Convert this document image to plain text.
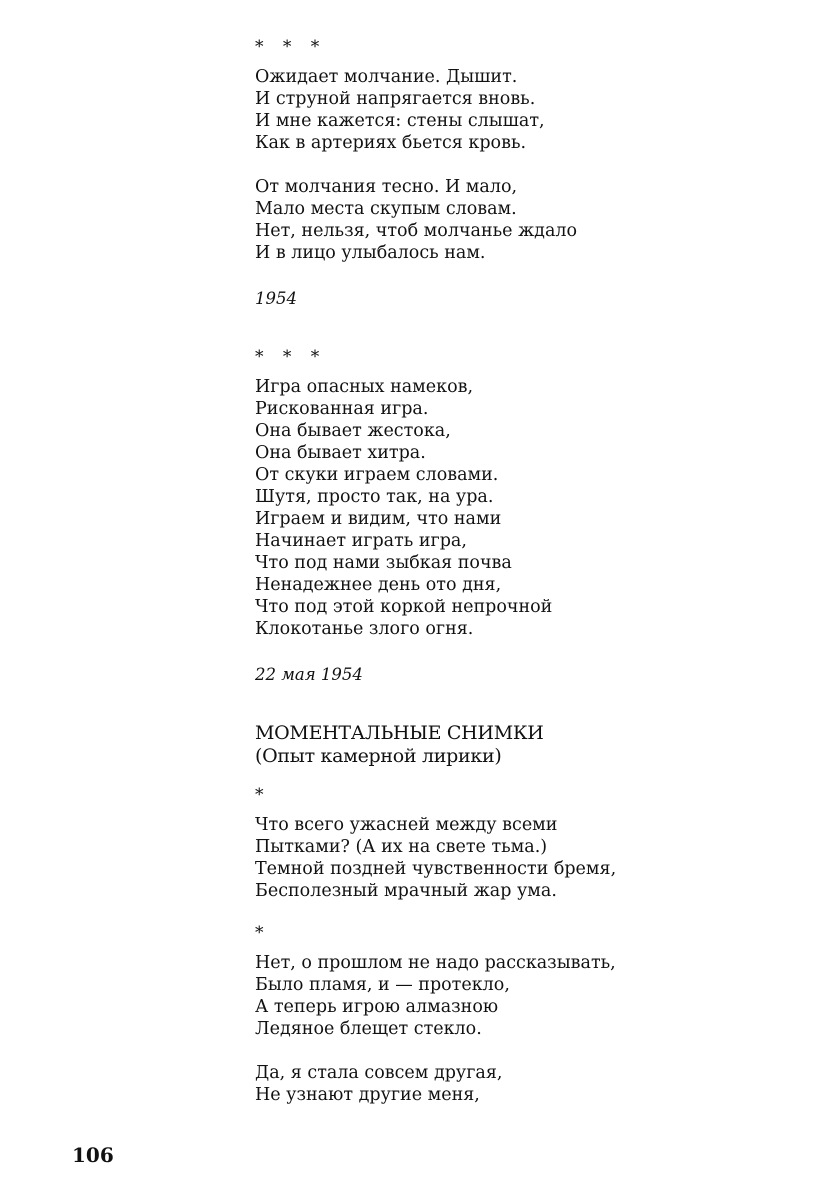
* * *

Ожидает молчание. Дышит.
И струной напрягается вновь.
И мне кажется: стены слышат,
Как в артериях бьется кровь.
От молчания тесно. И мало,
Мало места скупым словам.
Нет, нельзя, чтоб молчанье ждало
И в лицо улыбалось нам.
1954

* * *

Игра опасных намеков,
Рискованная игра.
Она бывает жестока,
Она бывает хитра.
От скуки играем словами.
Шутя, просто так, на ура.
Играем и видим, что нами
Начинает играть игра,
Что под нами зыбкая почва
Ненадежнее день ото дня,
Что под этой коркой непрочной
Клокотанье злого огня.
22 мая 1954
МОМЕНТАЛЬНЫЕ СНИМКИ
(Опыт камерной лирики)

*

Что всего ужасней между всеми
Пытками? (А их на свете тьма.)
Темной поздней чувственности бремя,
Бесполезный мрачный жар ума.

*

Нет, о прошлом не надо рассказывать,
Было пламя, и — протекло,
А теперь игрою алмазною
Ледяное блещет стекло.
Да, я стала совсем другая,
Не узнают другие меня,
106
